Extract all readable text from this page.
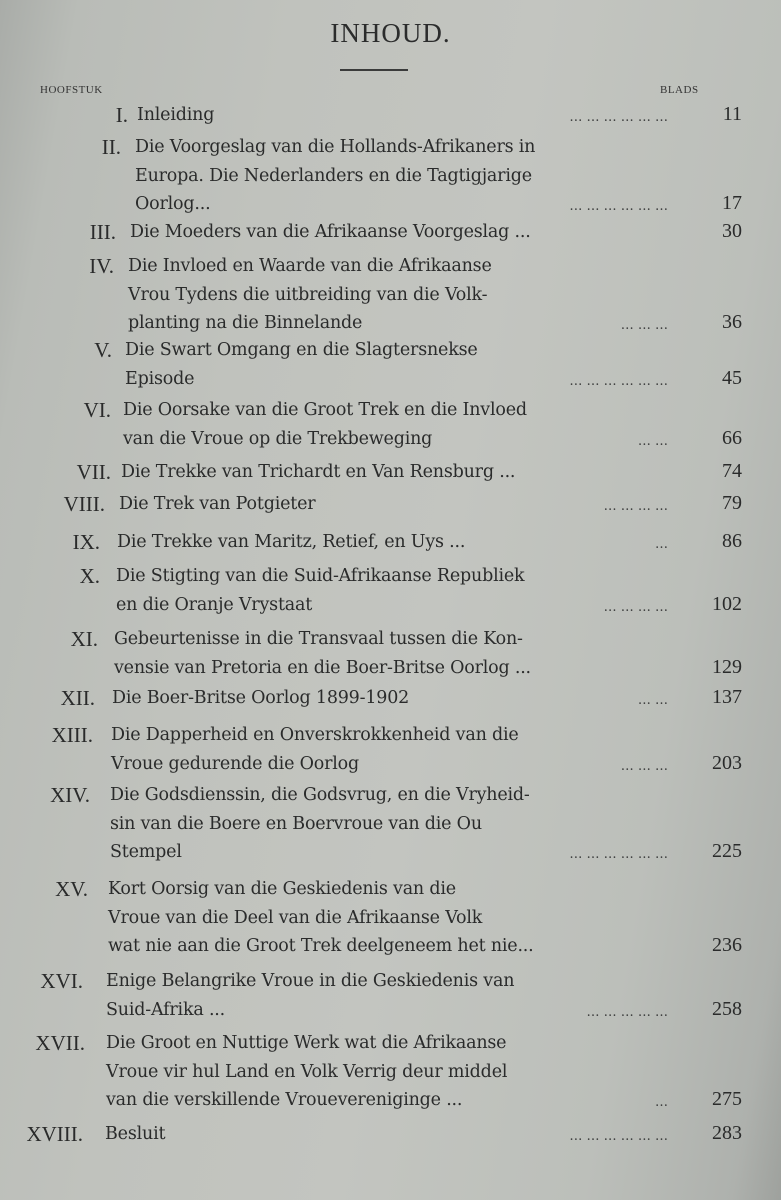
INHOUD.
HOOFSTUK	BLADS
I. Inleiding	… … … … … …	11
II. Die Voorgeslag van die Hollands-Afrikaners in
Europa. Die Nederlanders en die Tagtigjarige
Oorlog...	… … … … … …	17
III. Die Moeders van die Afrikaanse Voorgeslag ...	30
IV. Die Invloed en Waarde van die Afrikaanse
Vrou Tydens die uitbreiding van die Volk-
planting na die Binnelande	… … …	36
V. Die Swart Omgang en die Slagtersnekse
Episode	… … … … … …	45
VI. Die Oorsake van die Groot Trek en die Invloed
van die Vroue op die Trekbeweging	… …	66
VII. Die Trekke van Trichardt en Van Rensburg ...	74
VIII. Die Trek van Potgieter	… … … …	79
IX. Die Trekke van Maritz, Retief, en Uys ...	…	86
X. Die Stigting van die Suid-Afrikaanse Republiek
en die Oranje Vrystaat	… … … …	102
XI. Gebeurtenisse in die Transvaal tussen die Kon-
vensie van Pretoria en die Boer-Britse Oorlog ...	129
XII. Die Boer-Britse Oorlog 1899-1902	… …	137
XIII. Die Dapperheid en Onverskrokkenheid van die
Vroue gedurende die Oorlog	… … …	203
XIV. Die Godsdienssin, die Godsvrug, en die Vryheid-
sin van die Boere en Boervroue van die Ou
Stempel	… … … … … …	225
XV. Kort Oorsig van die Geskiedenis van die
Vroue van die Deel van die Afrikaanse Volk
wat nie aan die Groot Trek deelgeneem het nie...	236
XVI. Enige Belangrike Vroue in die Geskiedenis van
Suid-Afrika ...	… … … … …	258
XVII. Die Groot en Nuttige Werk wat die Afrikaanse
Vroue vir hul Land en Volk Verrig deur middel
van die verskillende Vrouevereniginge ...	…	275
XVIII. Besluit	… … … … … …	283
